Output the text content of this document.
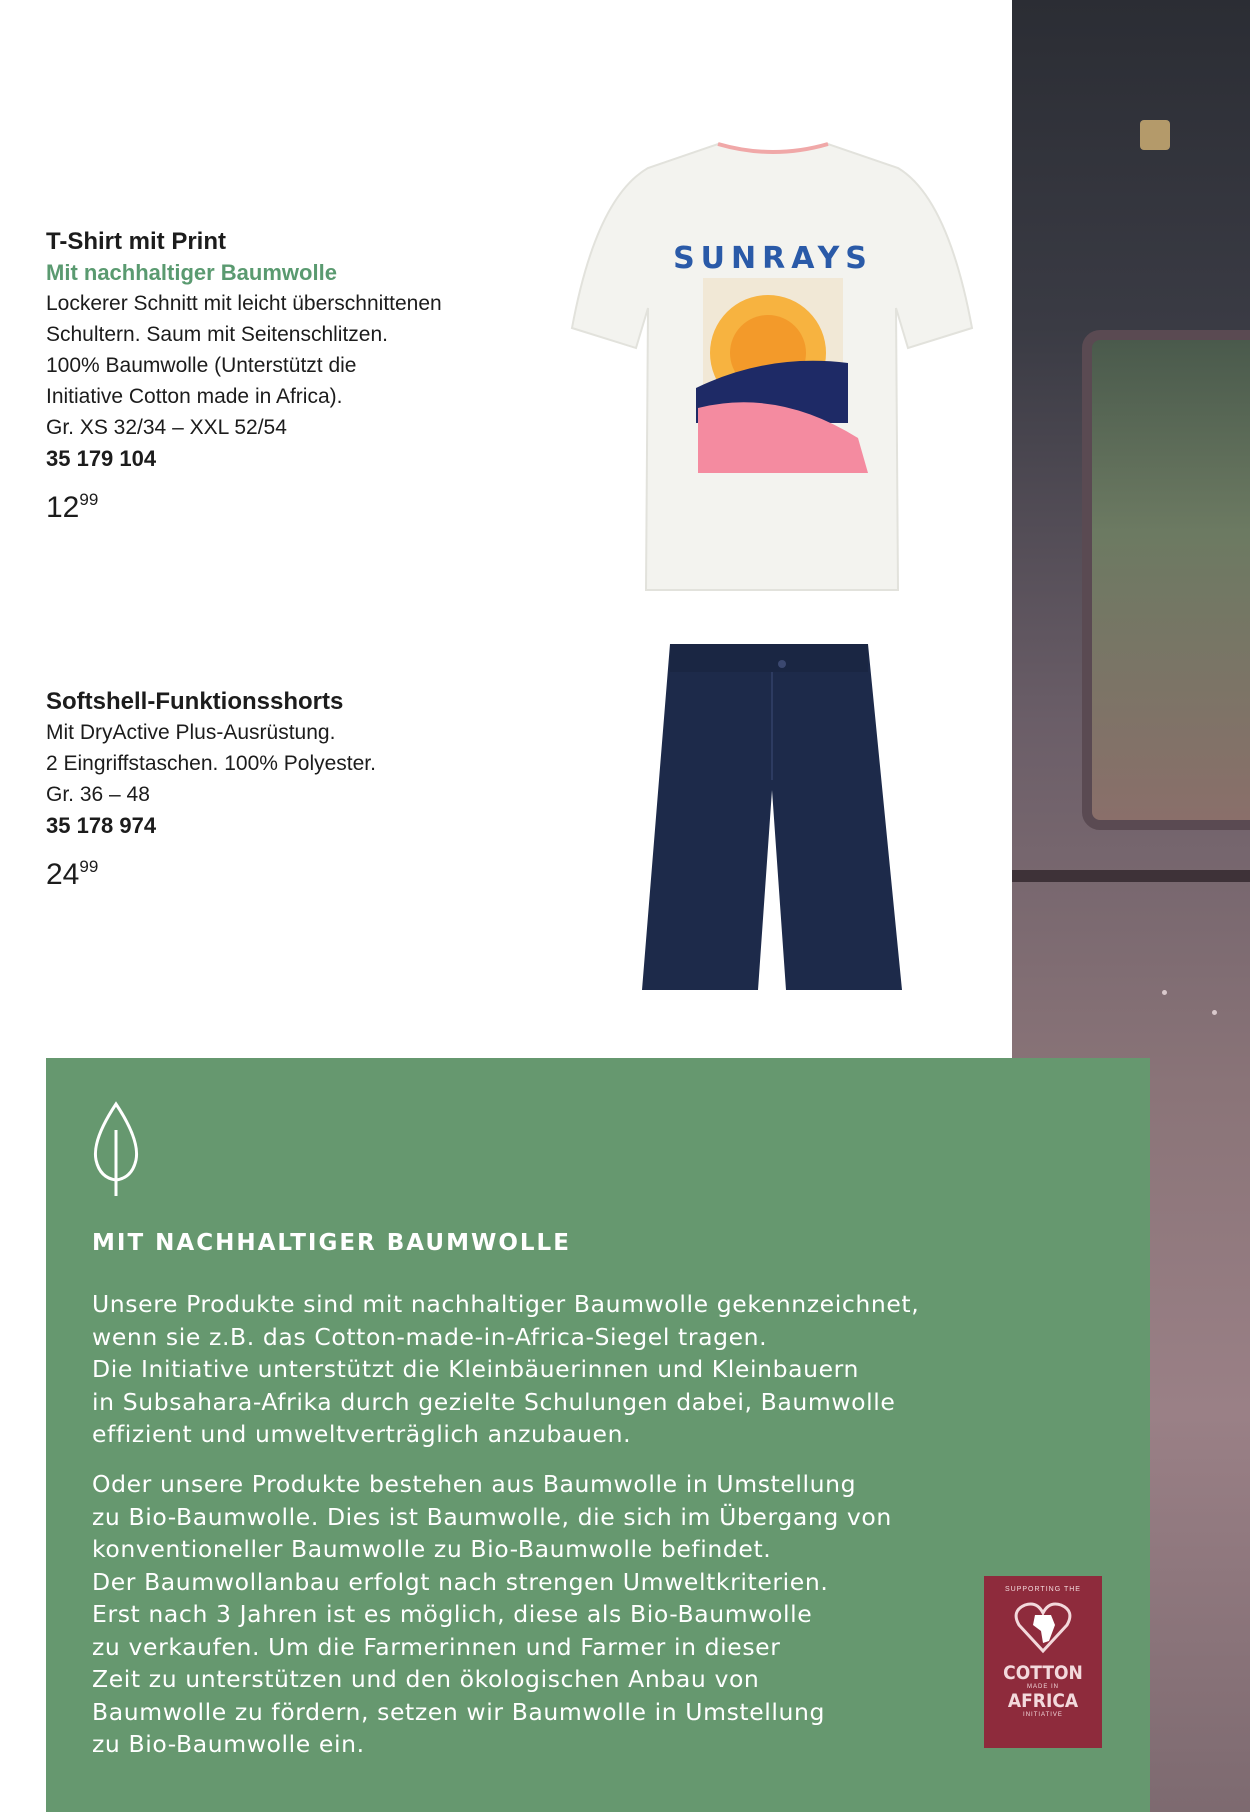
T-Shirt mit Print

Mit nachhaltiger Baumwolle

Lockerer Schnitt mit leicht überschnittenen

Schultern. Saum mit Seitenschlitzen.

100% Baumwolle (Unterstützt die

Initiative Cotton made in Africa).

Gr. XS 32/34 – XXL 52/54

35 179 104

$12^{99}$
SUNRAYS

Softshell-Funktionsshorts

Mit DryActive Plus-Ausrüstung.

2 Eingriffstaschen. 100% Polyester.

Gr. 36 – 48

35 178 974

$24^{99}$
MIT NACHHALTIGER BAUMWOLLE

Unsere Produkte sind mit nachhaltiger Baumwolle gekennzeichnet,
wenn sie z.B. das Cotton-made-in-Africa-Siegel tragen.
Die Initiative unterstützt die Kleinbäuerinnen und Kleinbauern
in Subsahara-Afrika durch gezielte Schulungen dabei, Baumwolle
effizient und umweltverträglich anzubauen.

Oder unsere Produkte bestehen aus Baumwolle in Umstellung
zu Bio-Baumwolle. Dies ist Baumwolle, die sich im Übergang von
konventioneller Baumwolle zu Bio-Baumwolle befindet.
Der Baumwollanbau erfolgt nach strengen Umweltkriterien.
Erst nach 3 Jahren ist es möglich, diese als Bio-Baumwolle
zu verkaufen. Um die Farmerinnen und Farmer in dieser
Zeit zu unterstützen und den ökologischen Anbau von
Baumwolle zu fördern, setzen wir Baumwolle in Umstellung
zu Bio-Baumwolle ein.

SUPPORTING THE
COTTON
MADE IN
AFRICA
INITIATIVE
